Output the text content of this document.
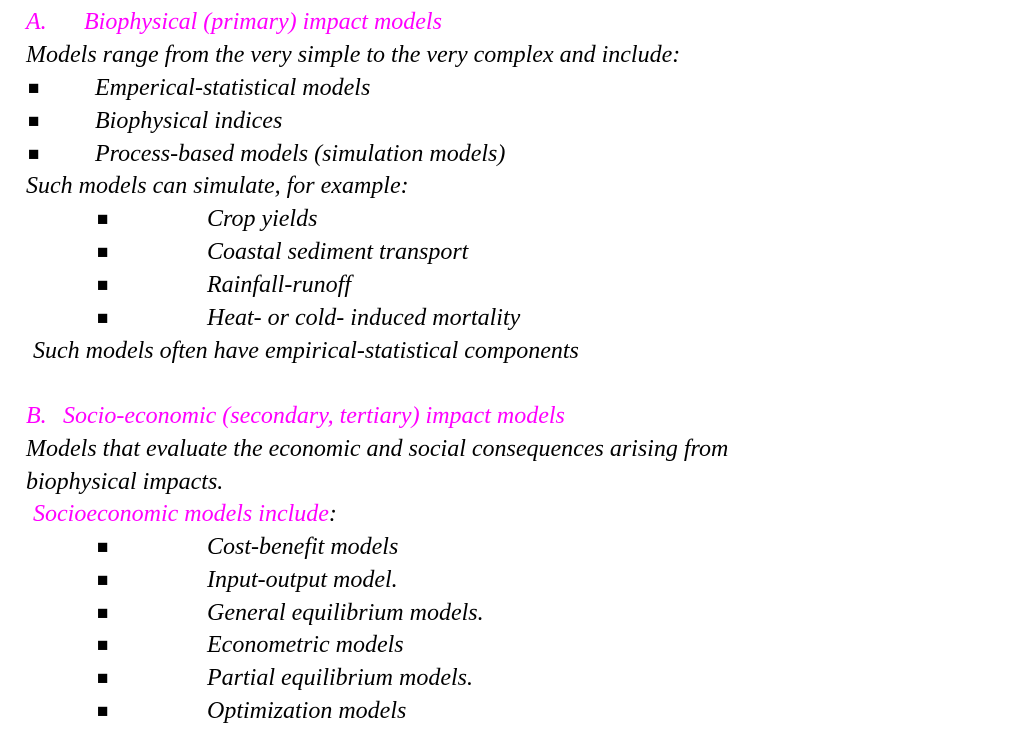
A. Biophysical (primary) impact models
Models range from the very simple to the very complex and include:
■ Emperical-statistical models
■ Biophysical indices
■ Process-based models (simulation models)
Such models can simulate, for example:
■	Crop yields
■	Coastal sediment transport
■	Rainfall-runoff
■	Heat- or cold- induced mortality
Such models often have empirical-statistical components
B. Socio-economic (secondary, tertiary) impact models
Models that evaluate the economic and social consequences arising from
biophysical impacts.
Socioeconomic models include:
■	Cost-benefit models
■	Input-output model.
■	General equilibrium models.
■	Econometric models
■	Partial equilibrium models.
■	Optimization models
